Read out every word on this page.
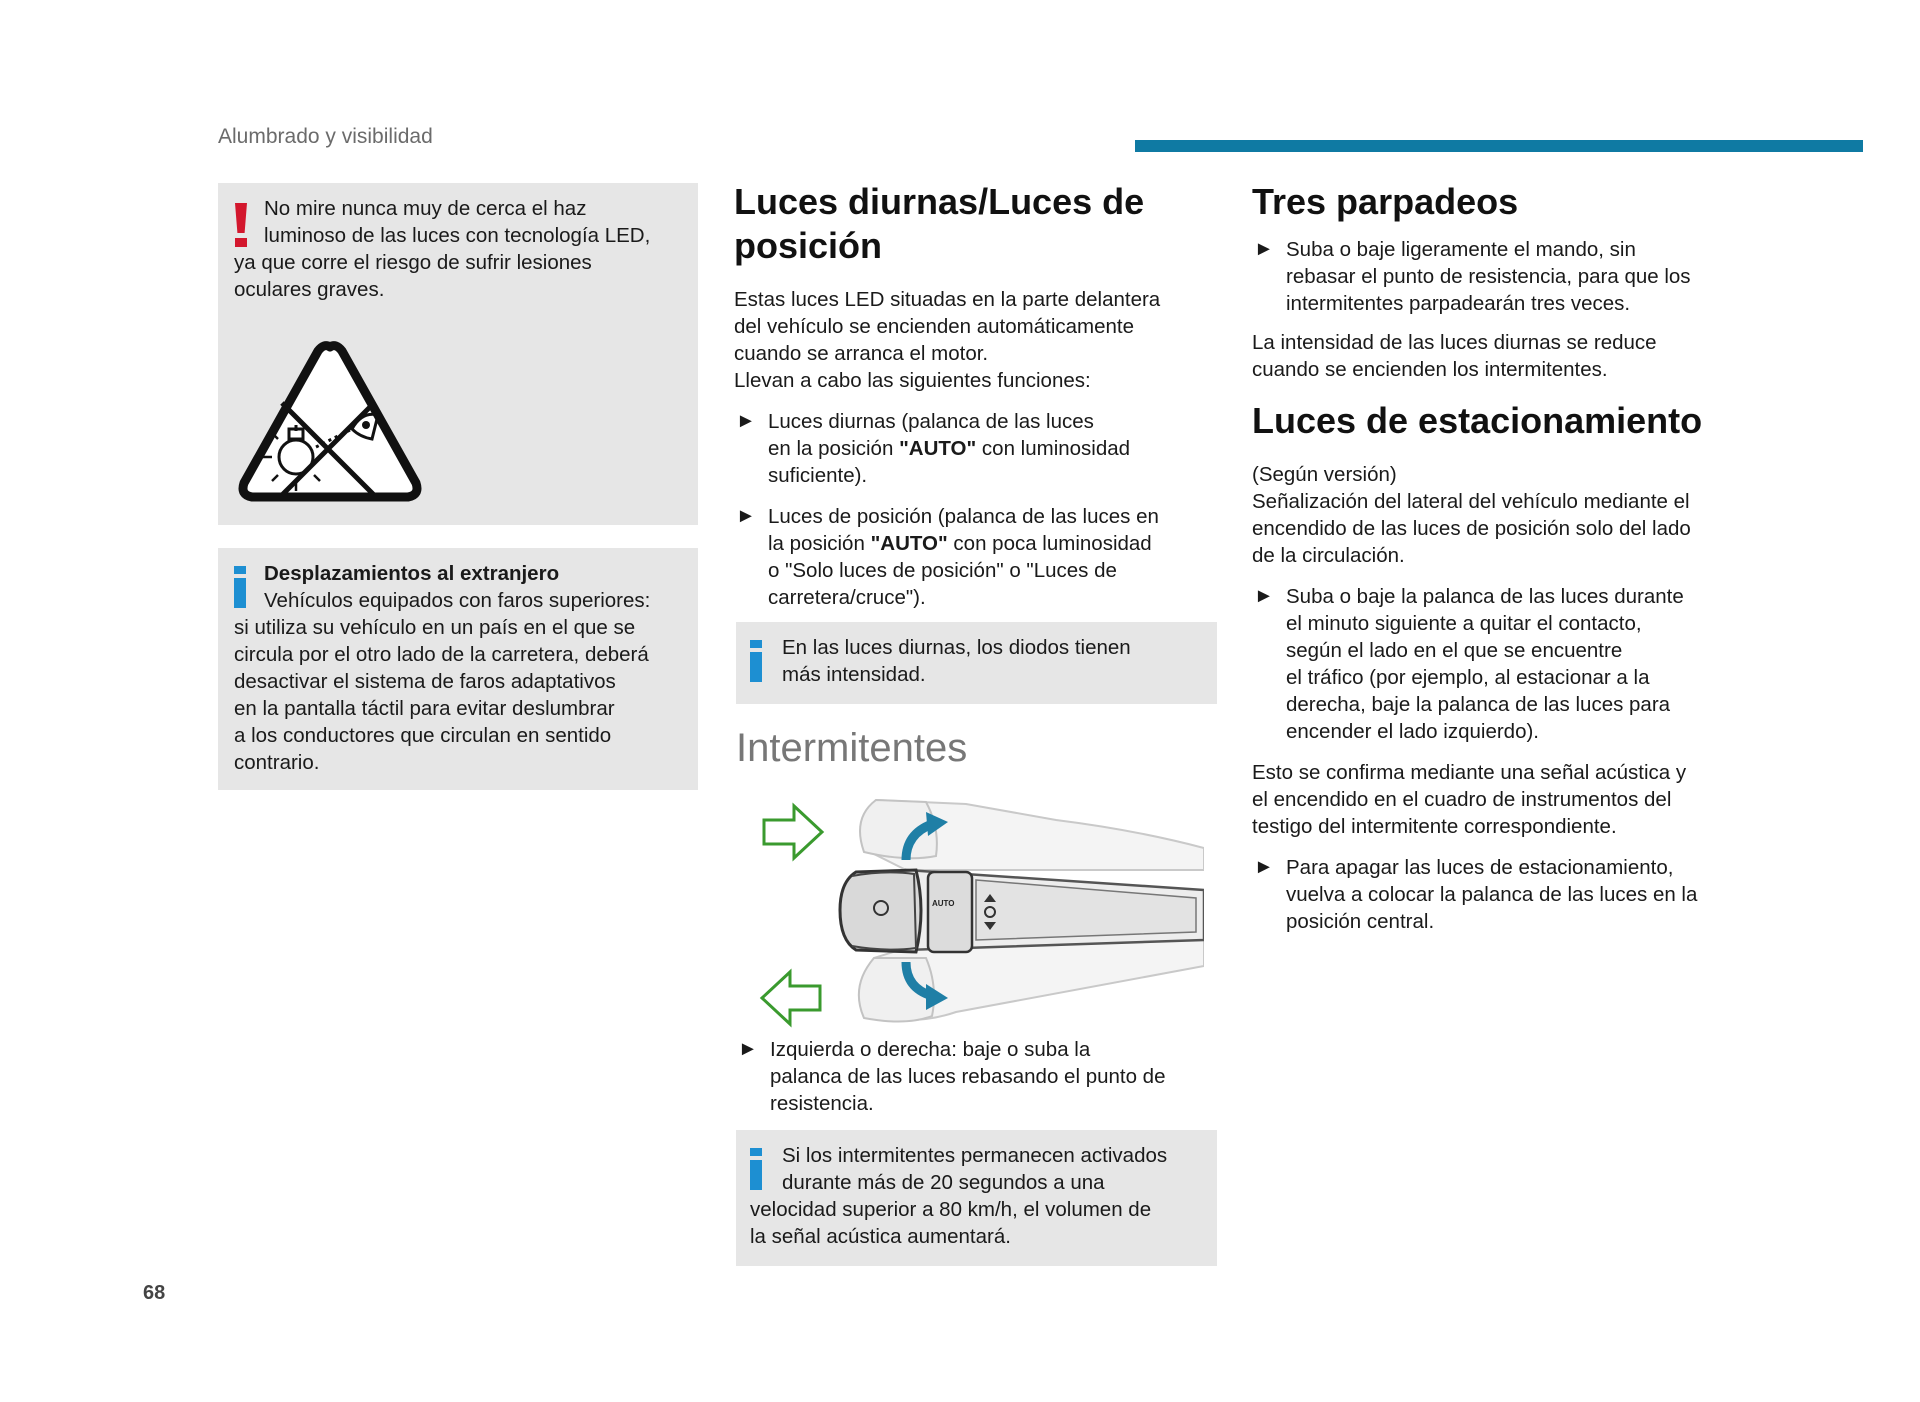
Alumbrado y visibilidad
No mire nunca muy de cerca el haz
luminoso de las luces con tecnología LED,
ya que corre el riesgo de sufrir lesiones
oculares graves.
Desplazamientos al extranjero
Vehículos equipados con faros superiores:
si utiliza su vehículo en un país en el que se
circula por el otro lado de la carretera, deberá
desactivar el sistema de faros adaptativos
en la pantalla táctil para evitar deslumbrar
a los conductores que circulan en sentido
contrario.
Luces diurnas/Luces de
posición
Estas luces LED situadas en la parte delantera
del vehículo se encienden automáticamente
cuando se arranca el motor.
Llevan a cabo las siguientes funciones:
► Luces diurnas (palanca de las luces
en la posición "AUTO" con luminosidad
suficiente).
► Luces de posición (palanca de las luces en
la posición "AUTO" con poca luminosidad
o "Solo luces de posición" o "Luces de
carretera/cruce").
En las luces diurnas, los diodos tienen
más intensidad.
Intermitentes
AUTO
► Izquierda o derecha: baje o suba la
palanca de las luces rebasando el punto de
resistencia.
Si los intermitentes permanecen activados
durante más de 20 segundos a una
velocidad superior a 80 km/h, el volumen de
la señal acústica aumentará.
Tres parpadeos
► Suba o baje ligeramente el mando, sin
rebasar el punto de resistencia, para que los
intermitentes parpadearán tres veces.
La intensidad de las luces diurnas se reduce
cuando se encienden los intermitentes.
Luces de estacionamiento
(Según versión)
Señalización del lateral del vehículo mediante el
encendido de las luces de posición solo del lado
de la circulación.
► Suba o baje la palanca de las luces durante
el minuto siguiente a quitar el contacto,
según el lado en el que se encuentre
el tráfico (por ejemplo, al estacionar a la
derecha, baje la palanca de las luces para
encender el lado izquierdo).
Esto se confirma mediante una señal acústica y
el encendido en el cuadro de instrumentos del
testigo del intermitente correspondiente.
► Para apagar las luces de estacionamiento,
vuelva a colocar la palanca de las luces en la
posición central.
68
